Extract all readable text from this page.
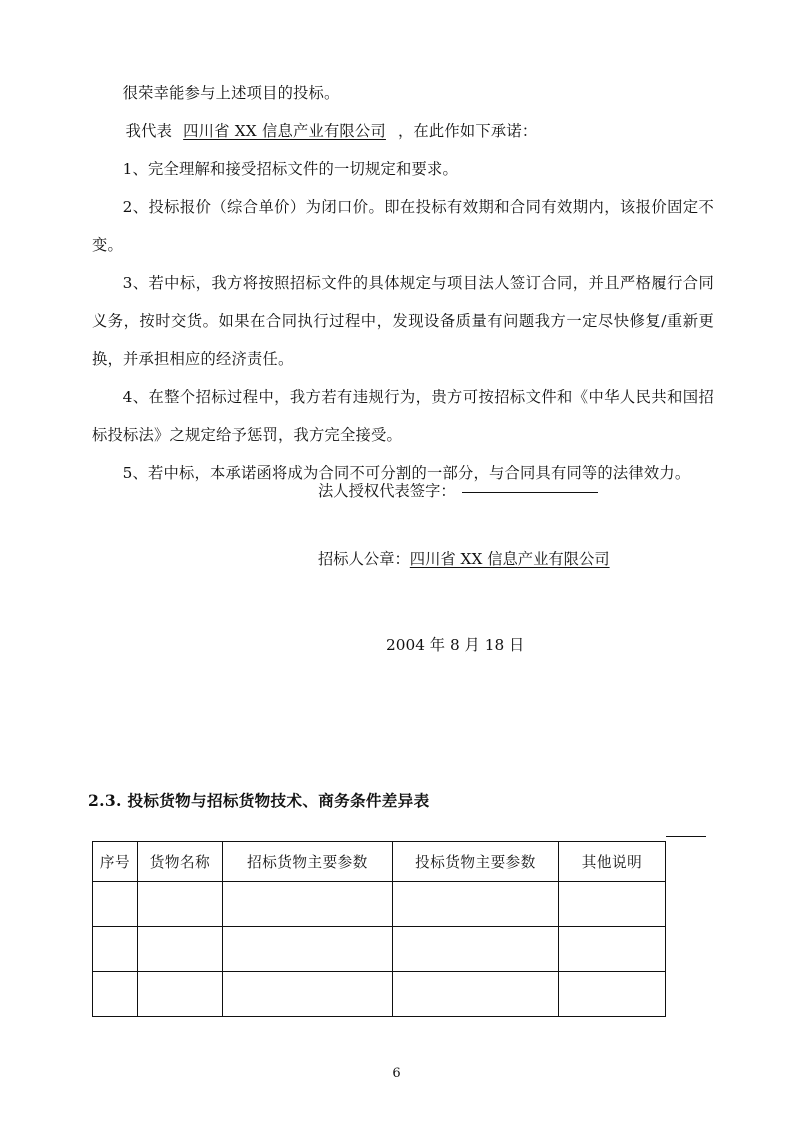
很荣幸能参与上述项目的投标。

我代表 四川省 XX 信息产业有限公司 ，在此作如下承诺：

1、完全理解和接受招标文件的一切规定和要求。

2、投标报价（综合单价）为闭口价。即在投标有效期和合同有效期内，该报价固定不变。

3、若中标，我方将按照招标文件的具体规定与项目法人签订合同，并且严格履行合同义务，按时交货。如果在合同执行过程中，发现设备质量有问题我方一定尽快修复/重新更换，并承担相应的经济责任。

4、在整个招标过程中，我方若有违规行为，贵方可按招标文件和《中华人民共和国招标投标法》之规定给予惩罚，我方完全接受。

5、若中标，本承诺函将成为合同不可分割的一部分，与合同具有同等的法律效力。

法人授权代表签字：

招标人公章：四川省 XX 信息产业有限公司

2004 年 8 月 18 日
2.3. 投标货物与招标货物技术、商务条件差异表
序号	货物名称	招标货物主要参数	投标货物主要参数	其他说明

6
